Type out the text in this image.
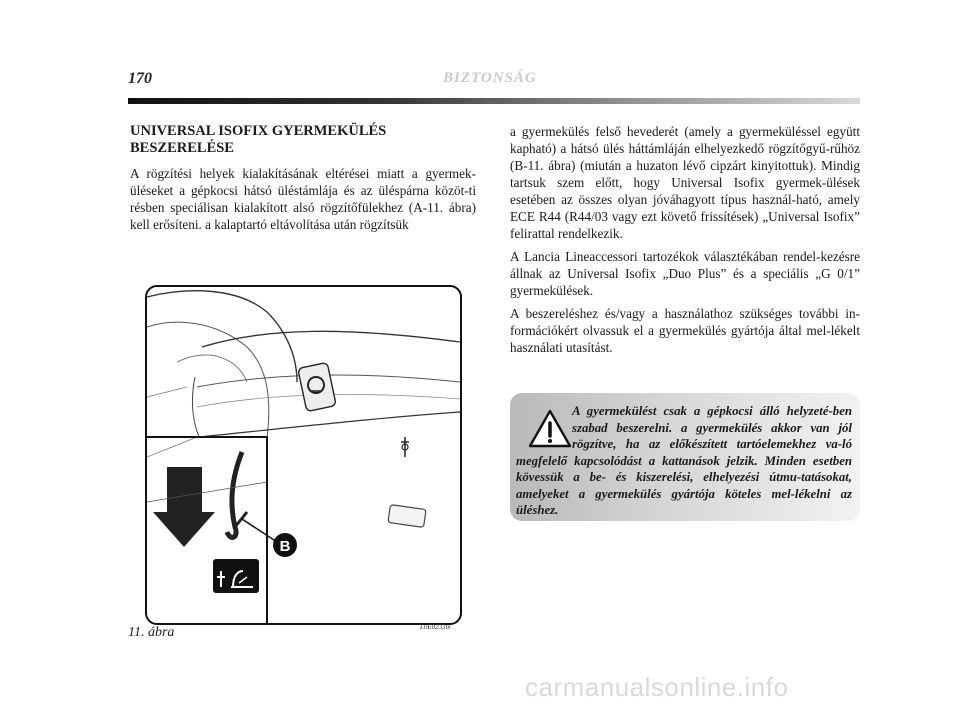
170	BIZTONSÁG
UNIVERSAL ISOFIX GYERMEKÜLÉS
BESZERELÉSE

A rögzítési helyek kialakításának eltérései miatt a gyermek-üléseket a gépkocsi hátsó üléstámlája és az üléspárna közöt-ti résben speciálisan kialakított alsó rögzítőfülekhez (A-11. ábra) kell erősíteni. a kalaptartó eltávolítása után rögzítsük

a gyermekülés felső hevederét (amely a gyermeküléssel együtt kapható) a hátsó ülés háttámláján elhelyezkedő rögzítőgyű-rűhöz (B-11. ábra) (miután a huzaton lévő cipzárt kinyitottuk). Mindig tartsuk szem előtt, hogy Universal Isofix gyermek-ülések esetében az összes olyan jóváhagyott típus használ-ható, amely ECE R44 (R44/03 vagy ezt követő frissítések) „Universal Isofix” felirattal rendelkezik.

A Lancia Lineaccessori tartozékok választékában rendel-kezésre állnak az Universal Isofix „Duo Plus” és a speciális „G 0/1” gyermekülések.

A beszereléshez és/vagy a használathoz szükséges további in-formációkért olvassuk el a gyermekülés gyártója által mel-lékelt használati utasítást.

B
11. ábra	L0E0233m
A gyermekülést csak a gépkocsi álló helyzeté-ben szabad beszerelni. a gyermekülés akkor van jól rögzítve, ha az előkészített tartóelemekhez va-ló megfelelő kapcsolódást a kattanások jelzik. Minden esetben kövessük a be- és kiszerelési, elhelyezési útmu-tatásokat, amelyeket a gyermekülés gyártója köteles mel-lékelni az üléshez.
carmanualsonline.info
